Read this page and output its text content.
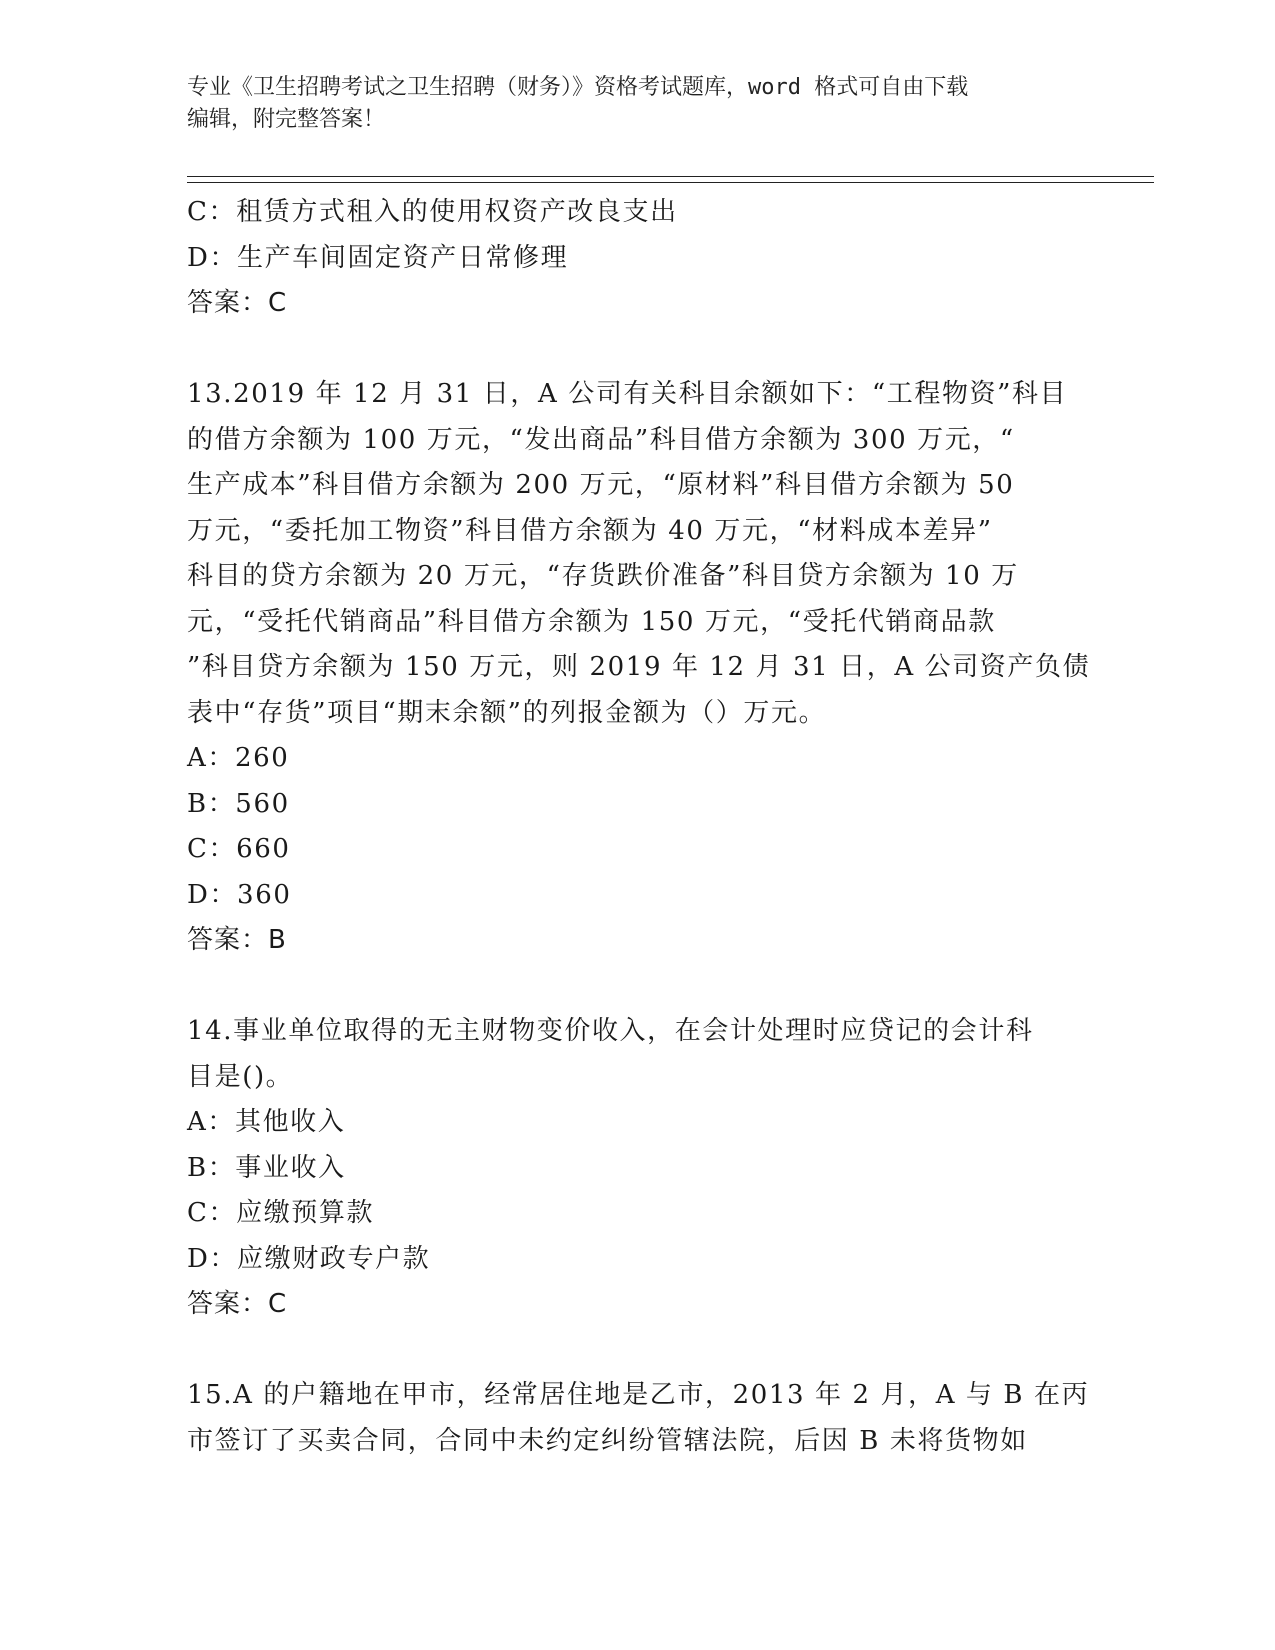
专业《卫生招聘考试之卫生招聘（财务）》资格考试题库，word 格式可自由下载
编辑，附完整答案！
C：租赁方式租入的使用权资产改良支出
D：生产车间固定资产日常修理
答案：C
13.2019 年 12 月 31 日，A 公司有关科目余额如下：“工程物资”科目
的借方余额为 100 万元，“发出商品”科目借方余额为 300 万元，“
生产成本”科目借方余额为 200 万元，“原材料”科目借方余额为 50
万元，“委托加工物资”科目借方余额为 40 万元，“材料成本差异”
科目的贷方余额为 20 万元，“存货跌价准备”科目贷方余额为 10 万
元，“受托代销商品”科目借方余额为 150 万元，“受托代销商品款
”科目贷方余额为 150 万元，则 2019 年 12 月 31 日，A 公司资产负债
表中“存货”项目“期末余额”的列报金额为（）万元。
A：260
B：560
C：660
D：360
答案：B
14.事业单位取得的无主财物变价收入，在会计处理时应贷记的会计科
目是()。
A：其他收入
B：事业收入
C：应缴预算款
D：应缴财政专户款
答案：C
15.A 的户籍地在甲市，经常居住地是乙市，2013 年 2 月，A 与 B 在丙
市签订了买卖合同，合同中未约定纠纷管辖法院，后因 B 未将货物如
